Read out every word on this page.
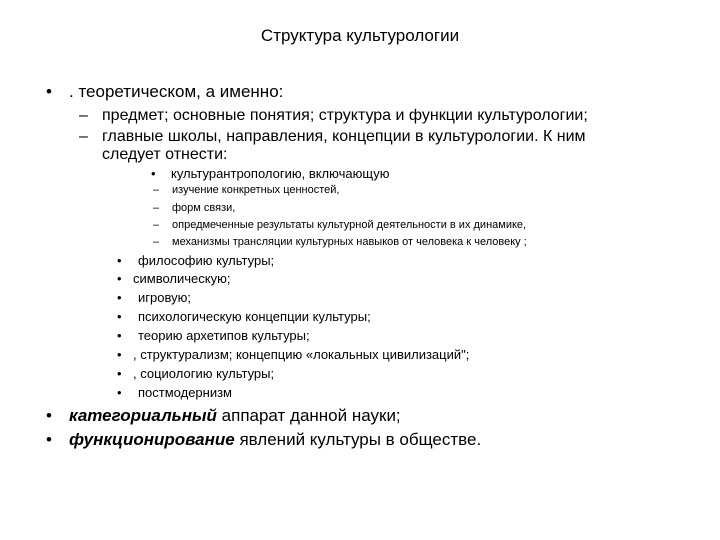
Структура культурологии
• . теоретическом, а именно:
– предмет; основные понятия; структура и функции культурологии;
– главные школы, направления, концепции в культурологии. К ним
следует отнести:
• культурантропологию, включающую
– изучение конкретных ценностей,
– форм связи,
– опредмеченные результаты культурной деятельности в их динамике,
– механизмы трансляции культурных навыков от человека к человеку ;
• философию культуры;
• символическую;
• игровую;
• психологическую концепции культуры;
• теорию архетипов культуры;
• , структурализм; концепцию «локальных цивилизаций";
• , социологию культуры;
• постмодернизм
• категориальный аппарат данной науки;
• функционирование явлений культуры в обществе.
